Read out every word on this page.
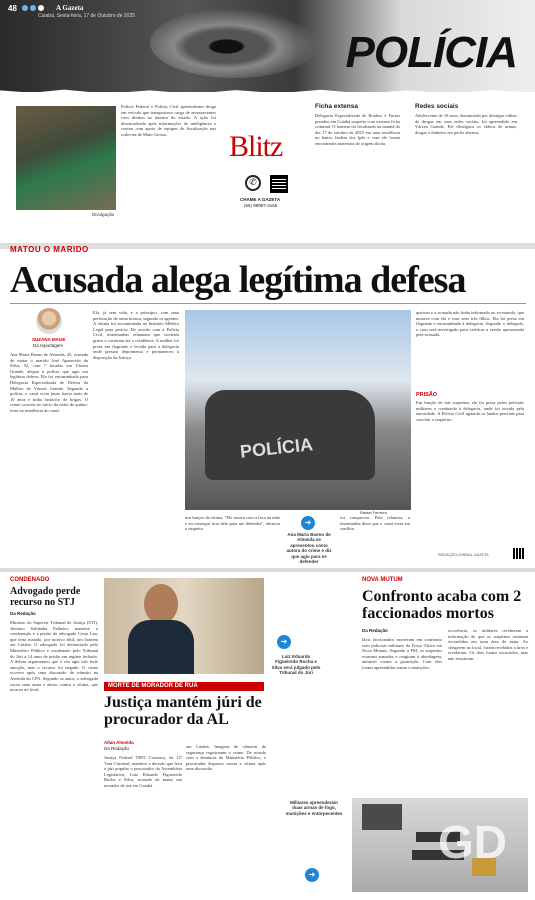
48	A Gazeta
Cuiabá, Sexta-feira, 17 de Outubro de 2025
POLÍCIA
Divulgação
Polícia Federal e Polícia Civil apreenderam droga em veículo que transportava carga de entorpecentes com destino ao interior do estado. A ação foi desencadeada após informações de inteligência e contou com apoio de equipes de fiscalização nas rodovias de Mato Grosso.	Blitz
✆
CHAME A GAZETA
(65) 99987-4165
Ficha extensa
Delegacia Especializada de Roubos e Furtos prendeu em Cuiabá suspeito com extensa ficha criminal. O homem foi localizado na manhã do dia 17 de outubro de 2025 em uma residência no bairro Jardim dos Ipês e com ele foram encontrados materiais de origem ilícita.
Redes sociais
Adolescente de 16 anos, denunciado por divulgar vídeos de drogas em suas redes sociais, foi apreendido em Várzea Grande. Ele divulgava os vídeos de armas, drogas e dinheiro em perfis abertos.
MATOU O MARIDO
Acusada alega legítima defesa
SUZANA MAGE
Da reportagem
Ana Maria Bueno de Almeida, 45, acusada de matar o marido José Aparecido da Silva, 52, com 7 facadas em Várzea Grande, alegou à polícia que agiu em legítima defesa. Ela foi encaminhada para Delegacia Especializada de Defesa da Mulher de Várzea Grande. Segundo a polícia, o casal vivia junto havia mais de 10 anos e tinha histórico de brigas. O crime ocorreu no início da noite de quinta-feira na residência do casal.
Ela, já sem vida, e a princípio, com uma perfuração de arma branca, segundo os agentes. A vítima foi encaminhada ao Instituto Médico Legal para perícia. De acordo com a Polícia Civil, testemunhas relataram que ouviram gritos e correram até a residência. A mulher foi presa em flagrante e levada para a delegacia onde prestou depoimento e permaneceu à disposição da Justiça.
POLÍCIA
Rafael Ferreira
nos braços da vítima. "Ele estava com a faca na mão e eu consegui tirar dele para me defender", afirmou a suspeita.
➜
Ana Maria Bueno de Almeida se apresentou como autora do crime e diz que agiu para se defender
foi comprovar. Pela relatoria, a testemunha disse que o casal vivia em conflito.
queixas e a acusada não tinha informado ao ex-marido, que morava com ela e com seus três filhos. Ela foi presa em flagrante e encaminhada à delegacia. Segundo o delegado, o caso será investigado para verificar a versão apresentada pela acusada.
PRISÃO
Em função de tais suspeitas, ela foi presa pelos policiais militares e conduzida à delegacia, onde foi ouvida pela autoridade. A Polícia Civil aguarda os laudos periciais para concluir o inquérito.
REDAÇÃO/JORNAL GAZETA
CONDENADO
Advogado perde recurso no STJ
Da Redação
Ministro do Superior Tribunal de Justiça (STJ), Antonio Saldanha Palheiro, manteve a condenação e a prisão do advogado Cesar Lau, que teria matado, por motivo fútil, um homem em Cuiabá. O advogado foi denunciado pelo Ministério Público e condenado pelo Tribunal do Júri a 14 anos de prisão em regime fechado. A defesa argumentou que o réu agiu sob forte emoção, mas o recurso foi negado. O crime ocorreu após uma discussão de trânsito na Avenida do CPA. Segundo os autos, o advogado sacou uma arma e atirou contra a vítima, que morreu no local.
➜
Luiz Eduardo Figueiredo Rocha e Silva será julgado pelo Tribunal do Júri
MORTE DE MORADOR DE RUA
Justiça mantém júri de procurador da AL
Allan Almeida
Da Redação
Justiça Federal TRF1 Comarca, da 12ª Vara Criminal, manteve a decisão que leva a júri popular o procurador da Assembleia Legislativa, Luiz Eduardo Figueiredo Rocha e Silva, acusado de matar um morador de rua em Cuiabá.
em Cuiabá. Imagens de câmeras de segurança registraram o crime. De acordo com a denúncia do Ministério Público, o procurador disparou contra a vítima após uma discussão.
NOVA MUTUM
Confronto acaba com 2 faccionados mortos
Da Redação
Dois faccionados morreram em confronto com policiais militares da Força Tática em Nova Mutum. Segundo a PM, os suspeitos estavam armados e reagiram à abordagem, atirando contra a guarnição. Com eles foram apreendidas armas e munições.
ocorrência, os militares receberam a informação de que os suspeitos estariam escondidos em uma área de mata. Ao chegarem ao local, foram recebidos a tiros e revidaram. Os dois foram socorridos, mas não resistiram.
Militares apreenderam duas armas de fogo, munições e entorpecentes
➜
GD
